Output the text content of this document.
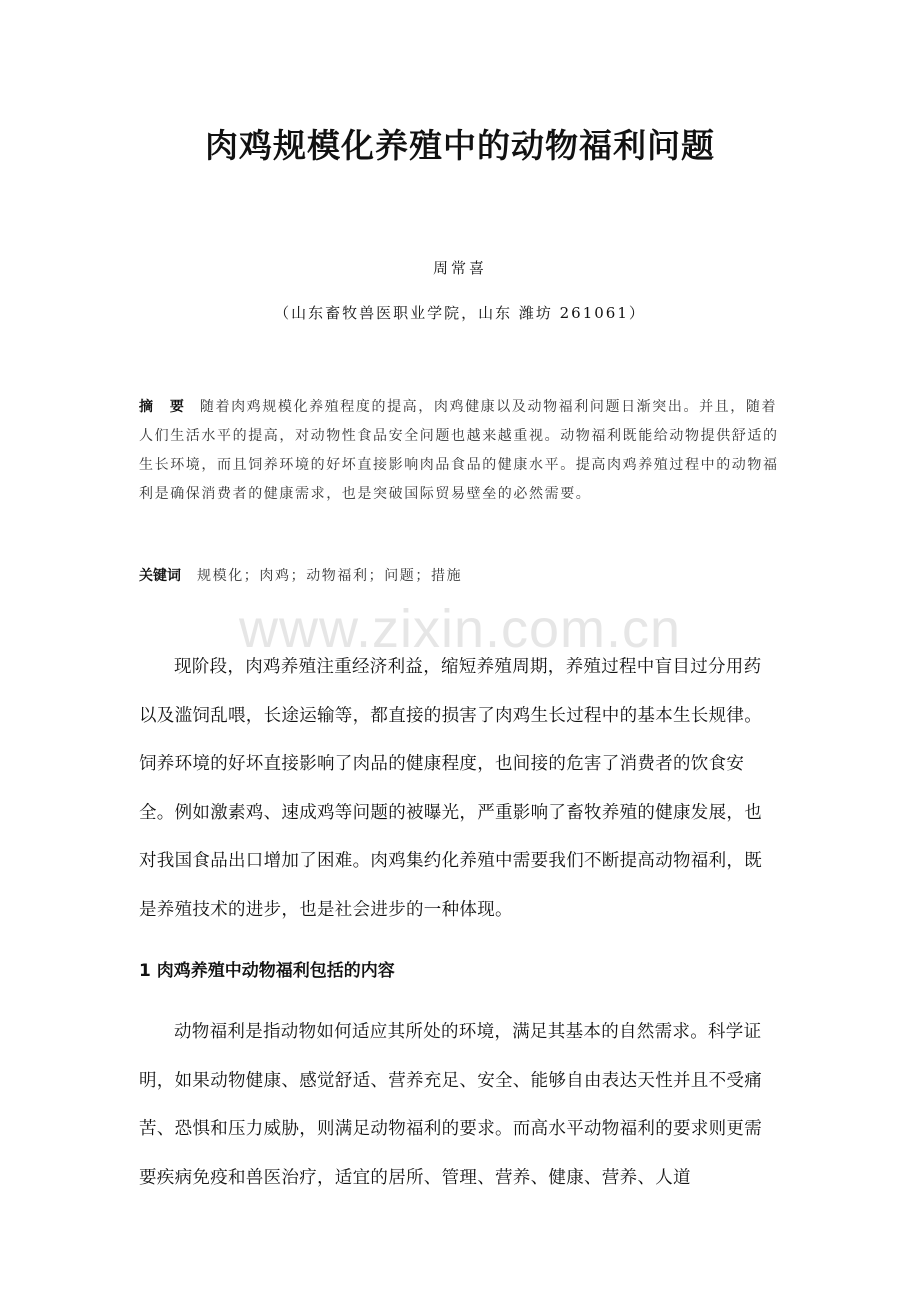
肉鸡规模化养殖中的动物福利问题
周常喜
（山东畜牧兽医职业学院，山东 潍坊 261061）
摘 要 随着肉鸡规模化养殖程度的提高，肉鸡健康以及动物福利问题日渐突出。并且，随着人们生活水平的提高，对动物性食品安全问题也越来越重视。动物福利既能给动物提供舒适的生长环境，而且饲养环境的好坏直接影响肉品食品的健康水平。提高肉鸡养殖过程中的动物福利是确保消费者的健康需求，也是突破国际贸易壁垒的必然需要。
关键词 规模化；肉鸡；动物福利；问题；措施
www.zixin.com.cn

现阶段，肉鸡养殖注重经济利益，缩短养殖周期，养殖过程中盲目过分用药以及滥饲乱喂，长途运输等，都直接的损害了肉鸡生长过程中的基本生长规律。饲养环境的好坏直接影响了肉品的健康程度，也间接的危害了消费者的饮食安全。例如激素鸡、速成鸡等问题的被曝光，严重影响了畜牧养殖的健康发展，也对我国食品出口增加了困难。肉鸡集约化养殖中需要我们不断提高动物福利，既是养殖技术的进步，也是社会进步的一种体现。

1 肉鸡养殖中动物福利包括的内容

动物福利是指动物如何适应其所处的环境，满足其基本的自然需求。科学证明，如果动物健康、感觉舒适、营养充足、安全、能够自由表达天性并且不受痛苦、恐惧和压力威胁，则满足动物福利的要求。而高水平动物福利的要求则更需要疾病免疫和兽医治疗，适宜的居所、管理、营养、健康、营养、人道
